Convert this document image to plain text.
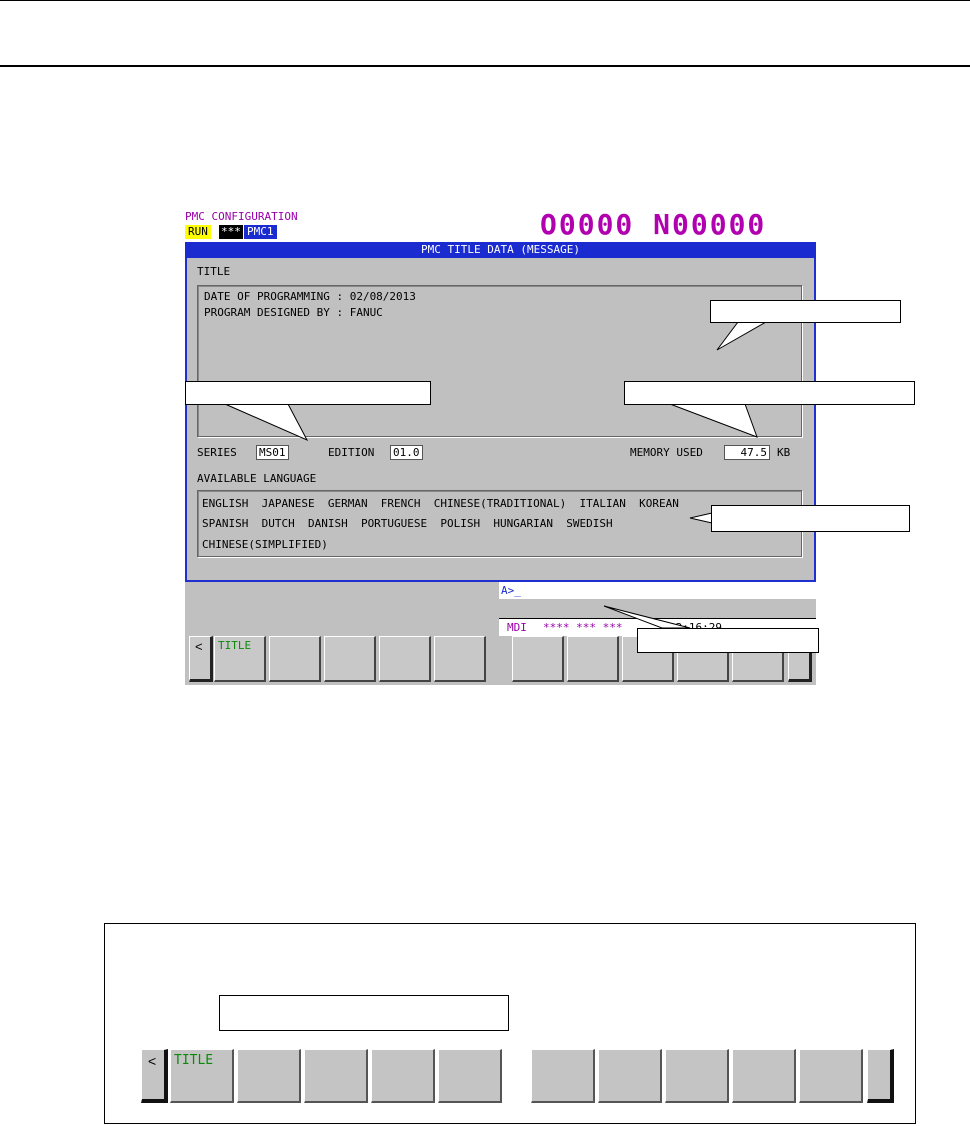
PMC CONFIGURATION	O0000 N00000
RUN *** PMC1
PMC TITLE DATA (MESSAGE)
TITLE
DATE OF PROGRAMMING : 02/08/2013
PROGRAM DESIGNED BY : FANUC
SERIES MS01	EDITION 01.0	MEMORY USED	47.5 KB
AVAILABLE LANGUAGE
ENGLISH  JAPANESE  GERMAN  FRENCH  CHINESE(TRADITIONAL)  ITALIAN  KOREAN
SPANISH  DUTCH  DANISH  PORTUGUESE  POLISH  HUNGARIAN  SWEDISH
CHINESE(SIMPLIFIED)
A>_
MDI **** *** ***
< TITLE
< TITLE
